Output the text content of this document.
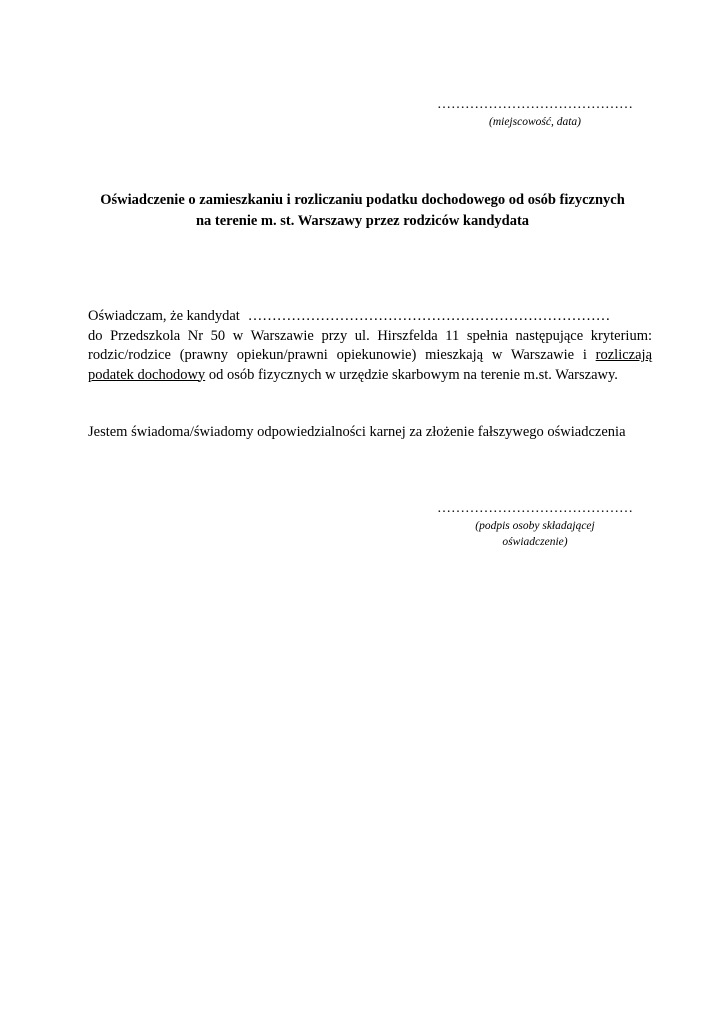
……………………………………
(miejscowość, data)
Oświadczenie o zamieszkaniu i rozliczaniu podatku dochodowego od osób fizycznych
na terenie m. st. Warszawy przez rodziców kandydata
Oświadczam, że kandydat …………………………………………………………………
do Przedszkola Nr 50 w Warszawie przy ul. Hirszfelda 11 spełnia następujące kryterium:
rodzic/rodzice (prawny opiekun/prawni opiekunowie) mieszkają w Warszawie i rozliczają
podatek dochodowy od osób fizycznych w urzędzie skarbowym na terenie m.st. Warszawy.
Jestem świadoma/świadomy odpowiedzialności karnej za złożenie fałszywego oświadczenia
……………………………………
(podpis osoby składającej
oświadczenie)
